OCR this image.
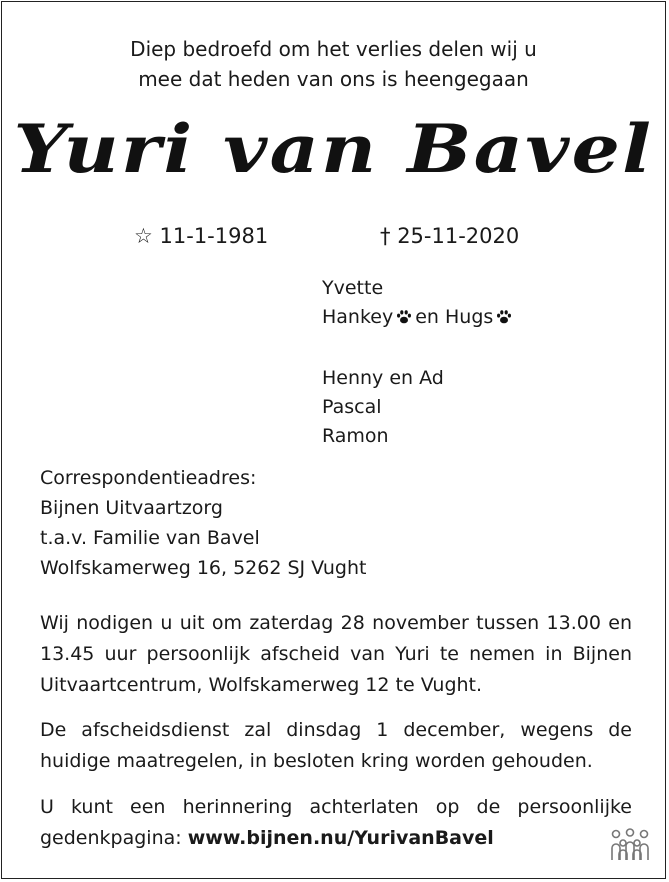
Diep bedroefd om het verlies delen wij u
mee dat heden van ons is heengegaan
Yuri van Bavel
☆ 11-1-1981	† 25-11-2020
Yvette
Hankey en Hugs
Henny en Ad
Pascal
Ramon
Correspondentieadres:
Bijnen Uitvaartzorg
t.a.v. Familie van Bavel
Wolfskamerweg 16, 5262 SJ Vught

Wij nodigen u uit om zaterdag 28 november tussen 13.00 en 13.45 uur persoonlijk afscheid van Yuri te nemen in Bijnen Uitvaartcentrum, Wolfskamerweg 12 te Vught.

De afscheidsdienst zal dinsdag 1 december, wegens de huidige maatregelen, in besloten kring worden gehouden.

U kunt een herinnering achterlaten op de persoonlijke gedenkpagina: www.bijnen.nu/YurivanBavel
